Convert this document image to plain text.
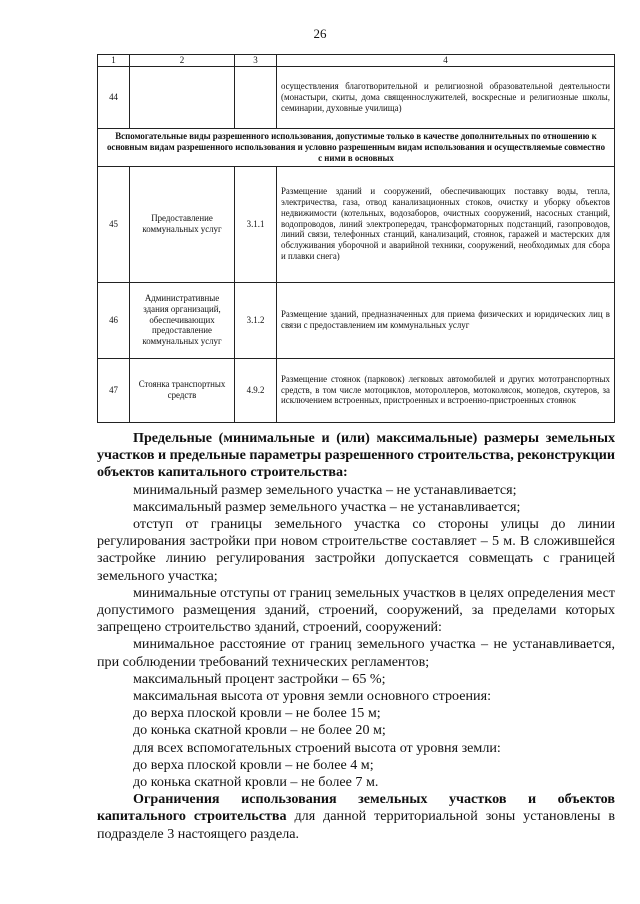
26
1	2	3	4
44			осуществления благотворительной и религиозной образовательной деятельности (монастыри, скиты, дома священнослужителей, воскресные и религиозные школы, семинарии, духовные училища)
Вспомогательные виды разрешенного использования, допустимые только в качестве дополнительных по отношению к основным видам разрешенного использования и условно разрешенным видам использования и осуществляемые совместно с ними в основных			
45	Предоставление коммунальных услуг	3.1.1	Размещение зданий и сооружений, обеспечивающих поставку воды, тепла, электричества, газа, отвод канализационных стоков, очистку и уборку объектов недвижимости (котельных, водозаборов, очистных сооружений, насосных станций, водопроводов, линий электропередач, трансформаторных подстанций, газопроводов, линий связи, телефонных станций, канализаций, стоянок, гаражей и мастерских для обслуживания уборочной и аварийной техники, сооружений, необходимых для сбора и плавки снега)
46	Административные здания организаций, обеспечивающих предоставление коммунальных услуг	3.1.2	Размещение зданий, предназначенных для приема физических и юридических лиц в связи с предоставлением им коммунальных услуг
47	Стоянка транспортных средств	4.9.2	Размещение стоянок (парковок) легковых автомобилей и других мототранспортных средств, в том числе мотоциклов, мотороллеров, мотоколясок, мопедов, скутеров, за исключением встроенных, пристроенных и встроенно-пристроенных стоянок

Предельные (минимальные и (или) максимальные) размеры земельных участков и предельные параметры разрешенного строительства, реконструкции объектов капитального строительства:

минимальный размер земельного участка – не устанавливается;

максимальный размер земельного участка – не устанавливается;

отступ от границы земельного участка со стороны улицы до линии регулирования застройки при новом строительстве составляет – 5 м. В сложившейся застройке линию регулирования застройки допускается совмещать с границей земельного участка;

минимальные отступы от границ земельных участков в целях определения мест допустимого размещения зданий, строений, сооружений, за пределами которых запрещено строительство зданий, строений, сооружений:

минимальное расстояние от границ земельного участка – не устанавливается, при соблюдении требований технических регламентов;

максимальный процент застройки – 65 %;

максимальная высота от уровня земли основного строения:

до верха плоской кровли – не более 15 м;

до конька скатной кровли – не более 20 м;

для всех вспомогательных строений высота от уровня земли:

до верха плоской кровли – не более 4 м;

до конька скатной кровли – не более 7 м.

Ограничения использования земельных участков и объектов капитального строительства для данной территориальной зоны установлены в подразделе 3 настоящего раздела.
